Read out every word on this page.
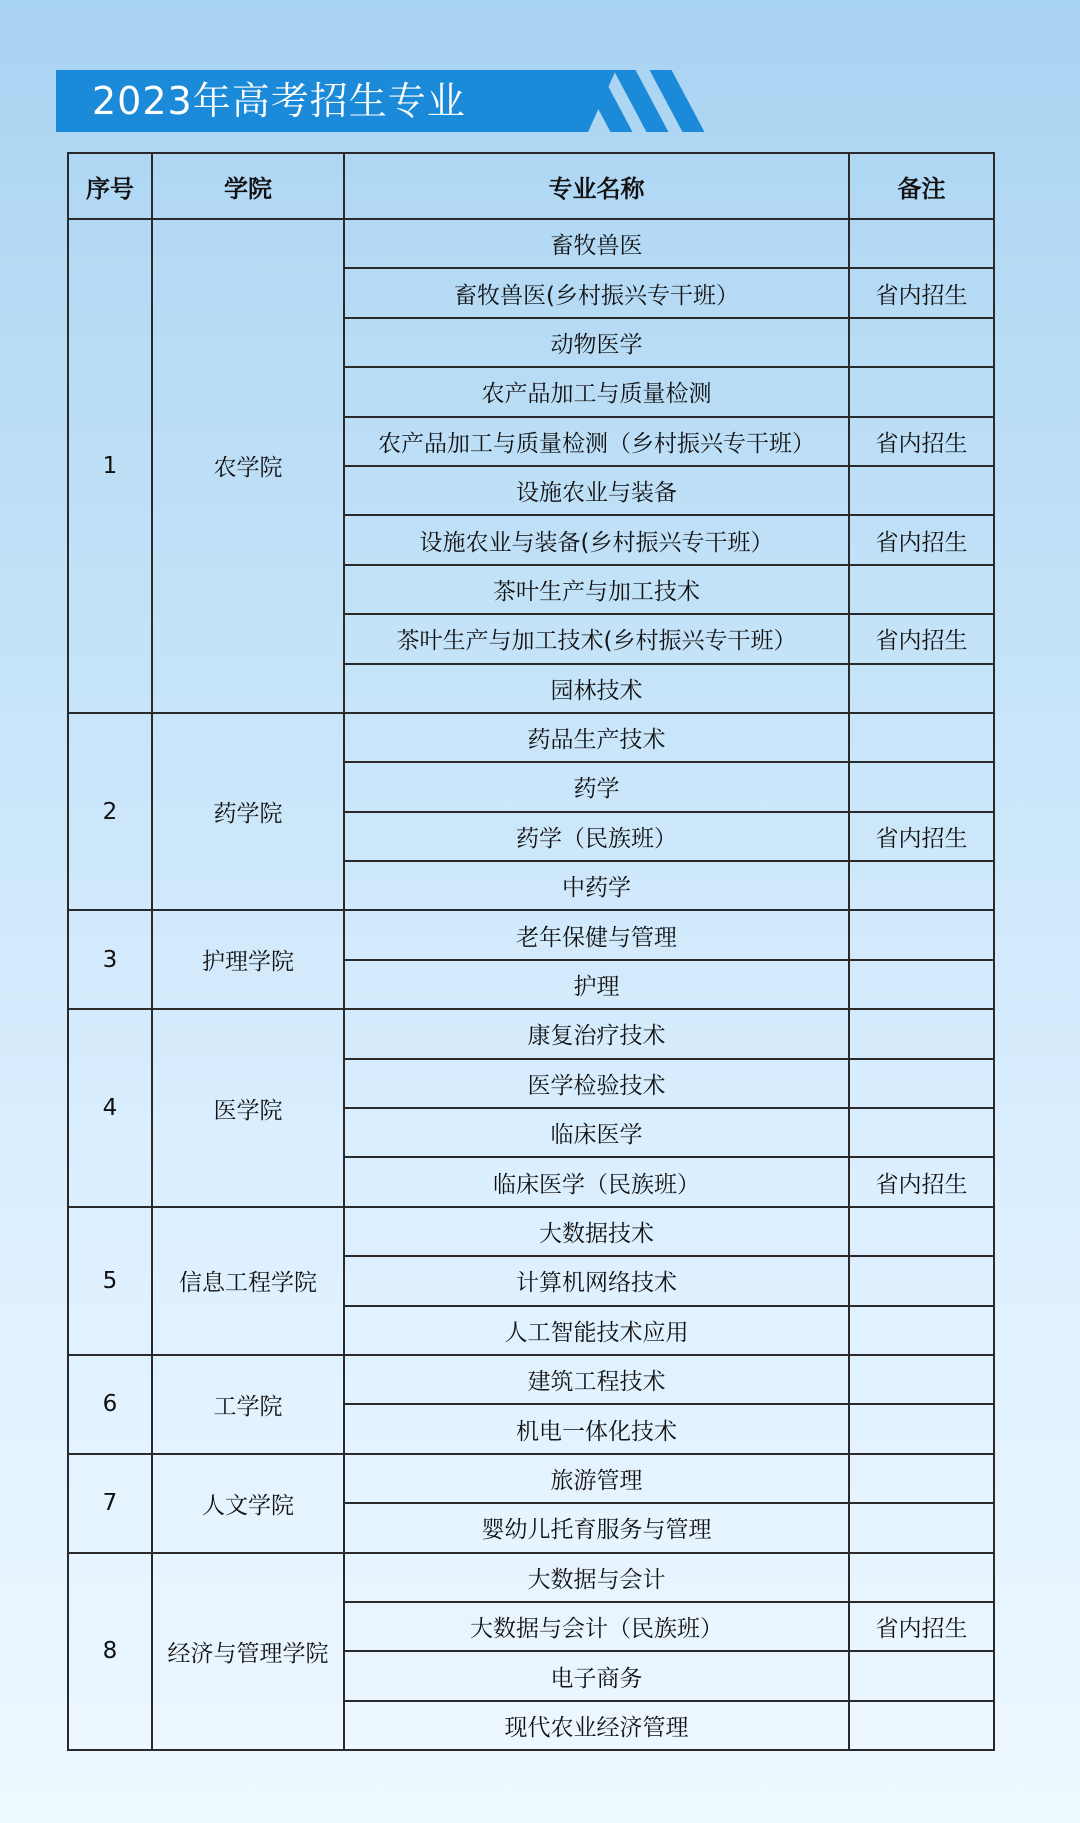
2023年高考招生专业
序号	学院	专业名称	备注
1	农学院	畜牧兽医	
		畜牧兽医(乡村振兴专干班）	省内招生
		动物医学	
		农产品加工与质量检测	
		农产品加工与质量检测（乡村振兴专干班）	省内招生
		设施农业与装备	
		设施农业与装备(乡村振兴专干班）	省内招生
		茶叶生产与加工技术	
		茶叶生产与加工技术(乡村振兴专干班）	省内招生
		园林技术	
2	药学院	药品生产技术	
		药学	
		药学（民族班）	省内招生
		中药学	
3	护理学院	老年保健与管理	
		护理	
4	医学院	康复治疗技术	
		医学检验技术	
		临床医学	
		临床医学（民族班）	省内招生
5	信息工程学院	大数据技术	
		计算机网络技术	
		人工智能技术应用	
6	工学院	建筑工程技术	
		机电一体化技术	
7	人文学院	旅游管理	
		婴幼儿托育服务与管理	
8	经济与管理学院	大数据与会计	
		大数据与会计（民族班）	省内招生
		电子商务	
		现代农业经济管理	
